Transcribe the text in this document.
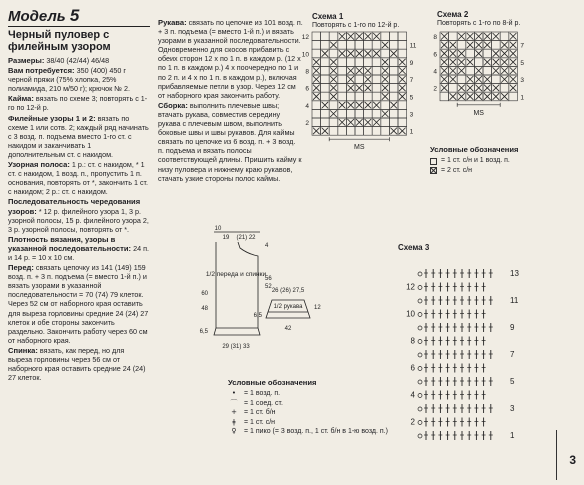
Модель 5
Черный пуловер с филейным узором

Размеры: 38/40 (42/44) 46/48

Вам потребуется: 350 (400) 450 г черной пряжи (75% хлопка, 25% полиамида, 210 м/50 г); крючок № 2.

Кайма: вязать по схеме 3; повторять с 1-го по 12-й р.

Филейные узоры 1 и 2: вязать по схеме 1 или сотв. 2; каждый ряд начинать с 3 возд. п. подъема вместо 1-го ст. с накидом и заканчивать 1 дополнительным ст. с накидом.

Узорная полоса: 1 р.: ст. с накидом, * 1 ст. с накидом, 1 возд. п., пропустить 1 п. основания, повторять от *, закончить 1 ст. с накидом; 2 р.: ст. с накидом.

Последовательность чередования узоров: * 12 р. филейного узора 1, 3 р. узорной полосы, 15 р. филейного узора 2, 3 р. узорной полосы, повторять от *.

Плотность вязания, узоры в указанной последовательности: 24 п. и 14 р. = 10 x 10 см.

Перед: связать цепочку из 141 (149) 159 возд. п. + 3 п. подъема (= вместо 1-й п.) и вязать узорами в указанной последовательности = 70 (74) 79 клеток. Через 52 см от наборного края оставить для выреза горловины средние 24 (24) 27 клеток и обе стороны закончить раздельно. Закончить работу через 60 см от наборного края.

Спинка: вязать, как перед, но для выреза горловины через 56 см от наборного края оставить средние 24 (24) 27 клеток.

Рукава: связать по цепочке из 101 возд. п. + 3 п. подъема (= вместо 1-й п.) и вязать узорами в указанной последовательности. Одновременно для скосов прибавить с обеих сторон 12 x по 1 п. в каждом р. (12 x по 1 п. в каждом р.) 4 x поочередно по 1 и по 2 п. и 4 x по 1 п. в каждом р.), включая прибавляемые петли в узор. Через 12 см от наборного края закончить работу.

Сборка: выполнить плечевые швы; втачать рукава, совместив середину рукава с плечевым швом, выполнить боковые швы и швы рукавов. Для каймы связать по цепочке из 6 возд. п. + 3 возд. п. подъема и вязать полосы соответствующей длины. Пришить кайму к низу пуловера и нижнему краю рукавов, стачать узкие стороны полос каймы.

Схема 1
Повторять с 1-го по 12-й р.
12
10
8
6
4
2
11
9
7
5
3
1
MS
Схема 2
Повторять с 1-го по 8-й р.
8
6
4
2
7
5
3
1
MS
Условные обозначения
= 1 ст. с/н и 1 возд. п.
= 2 ст. с/н
10
19 (21) 22
4
56
52
1/2 переда и спинки
60
48
29 (31) 33
6,5
26 (26) 27,5
1/2 рукава 12
6,5
42
Условные обозначения
•	= 1 возд. п.
⌒ = 1 соед. ст.
+	= 1 ст. б/н
ǂ	= 1 ст. с/н
♀	= 1 пико (= 3 возд. п., 1 ст. б/н в 1-ю возд. п.)
Схема 3
12
10
8
6
4
2
13
11
9
7
5
3
1
3
